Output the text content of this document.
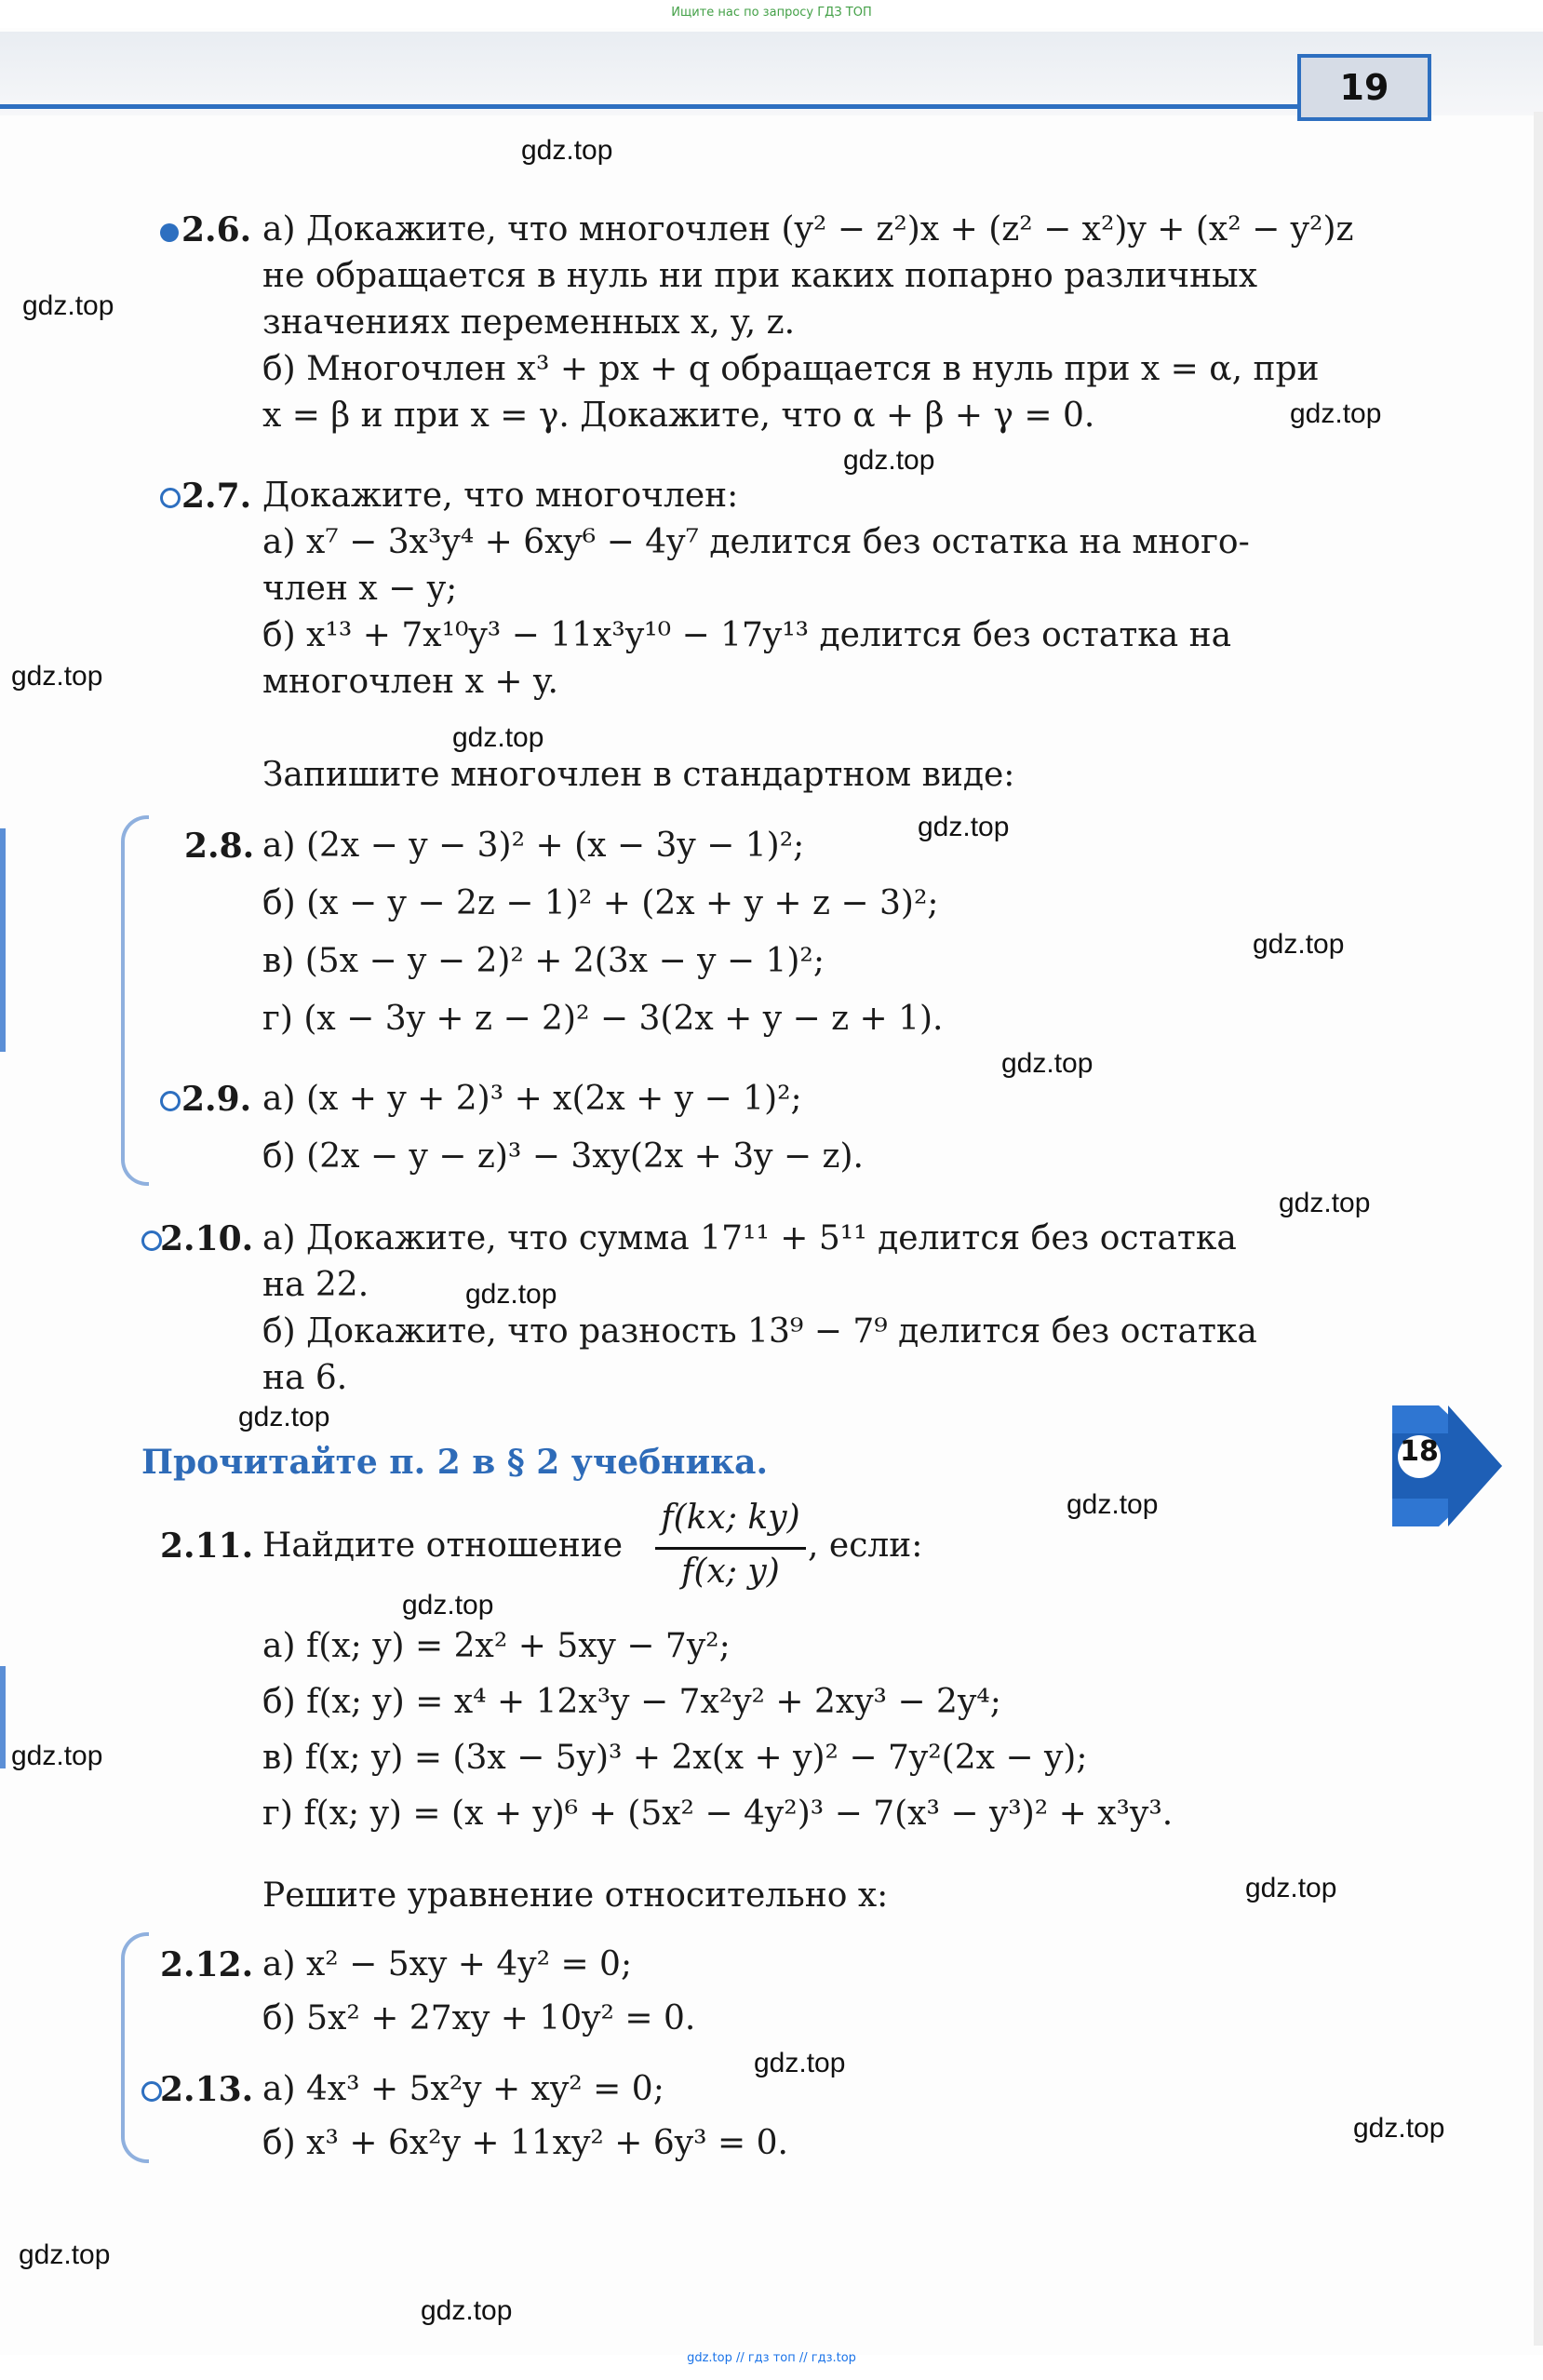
Ищите нас по запросу ГДЗ ТОП
19
2.6. а) Докажите, что многочлен (y² − z²)x + (z² − x²)y + (x² − y²)z
не обращается в нуль ни при каких попарно различных
значениях переменных x, y, z.
б) Многочлен x³ + px + q обращается в нуль при x = α, при
x = β и при x = γ. Докажите, что α + β + γ = 0.
2.7. Докажите, что многочлен:
а) x⁷ − 3x³y⁴ + 6xy⁶ − 4y⁷ делится без остатка на много-
член x − y;
б) x¹³ + 7x¹⁰y³ − 11x³y¹⁰ − 17y¹³ делится без остатка на
многочлен x + y.
Запишите многочлен в стандартном виде:
2.8. а) (2x − y − 3)² + (x − 3y − 1)²;
б) (x − y − 2z − 1)² + (2x + y + z − 3)²;
в) (5x − y − 2)² + 2(3x − y − 1)²;
г) (x − 3y + z − 2)² − 3(2x + y − z + 1).
2.9. а) (x + y + 2)³ + x(2x + y − 1)²;
б) (2x − y − z)³ − 3xy(2x + 3y − z).
2.10. а) Докажите, что сумма 17¹¹ + 5¹¹ делится без остатка
на 22.
б) Докажите, что разность 13⁹ − 7⁹ делится без остатка
на 6.
Прочитайте п. 2 в § 2 учебника.
2.11. Найдите отношение
f(kx; ky)
f(x; y)
, если:
а) f(x; y) = 2x² + 5xy − 7y²;
б) f(x; y) = x⁴ + 12x³y − 7x²y² + 2xy³ − 2y⁴;
в) f(x; y) = (3x − 5y)³ + 2x(x + y)² − 7y²(2x − y);
г) f(x; y) = (x + y)⁶ + (5x² − 4y²)³ − 7(x³ − y³)² + x³y³.
Решите уравнение относительно x:
2.12. а) x² − 5xy + 4y² = 0;
б) 5x² + 27xy + 10y² = 0.
2.13. а) 4x³ + 5x²y + xy² = 0;
б) x³ + 6x²y + 11xy² + 6y³ = 0.
18
gdz.top
gdz.top
gdz.top
gdz.top
gdz.top
gdz.top
gdz.top
gdz.top
gdz.top
gdz.top
gdz.top
gdz.top
gdz.top
gdz.top
gdz.top
gdz.top
gdz.top
gdz.top
gdz.top
gdz.top
gdz.top // гдз топ // гдз.top
